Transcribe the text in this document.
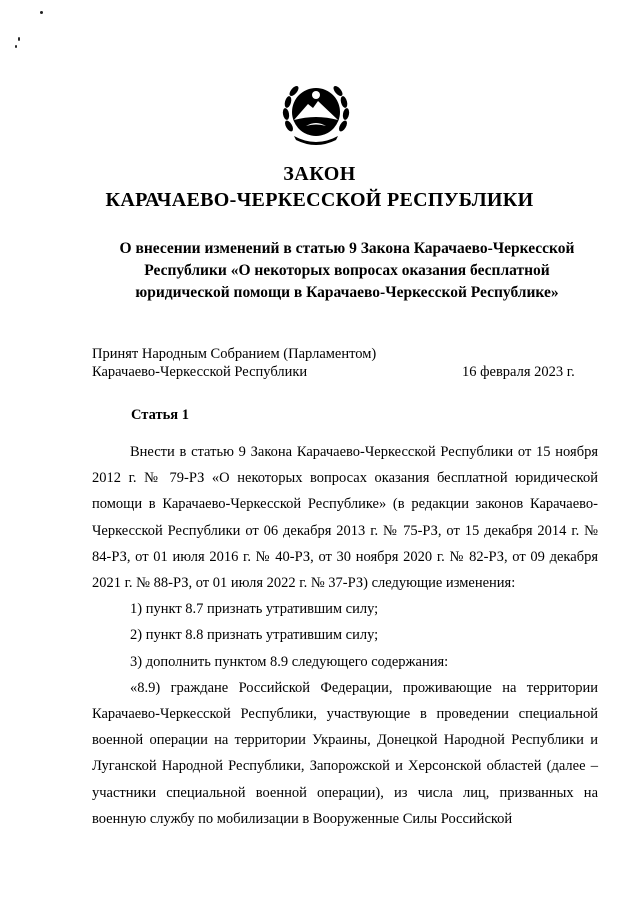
ЗАКОН
КАРАЧАЕВО-ЧЕРКЕССКОЙ РЕСПУБЛИКИ
О внесении изменений в статью 9 Закона Карачаево-Черкесской Республики «О некоторых вопросах оказания бесплатной юридической помощи в Карачаево-Черкесской Республике»
Принят Народным Собранием (Парламентом)
Карачаево-Черкесской Республики	16 февраля 2023 г.
Статья 1

Внести в статью 9 Закона Карачаево-Черкесской Республики от 15 ноября 2012 г. № 79-РЗ «О некоторых вопросах оказания бесплатной юридической помощи в Карачаево-Черкесской Республике» (в редакции законов Карачаево-Черкесской Республики от 06 декабря 2013 г. № 75-РЗ, от 15 декабря 2014 г. № 84-РЗ, от 01 июля 2016 г. № 40-РЗ, от 30 ноября 2020 г. № 82-РЗ, от 09 декабря 2021 г. № 88-РЗ, от 01 июля 2022 г. № 37-РЗ) следующие изменения:

1) пункт 8.7 признать утратившим силу;

2) пункт 8.8 признать утратившим силу;

3) дополнить пунктом 8.9 следующего содержания:

«8.9) граждане Российской Федерации, проживающие на территории Карачаево-Черкесской Республики, участвующие в проведении специальной военной операции на территории Украины, Донецкой Народной Республики и Луганской Народной Республики, Запорожской и Херсонской областей (далее – участники специальной военной операции), из числа лиц, призванных на военную службу по мобилизации в Вооруженные Силы Российской
